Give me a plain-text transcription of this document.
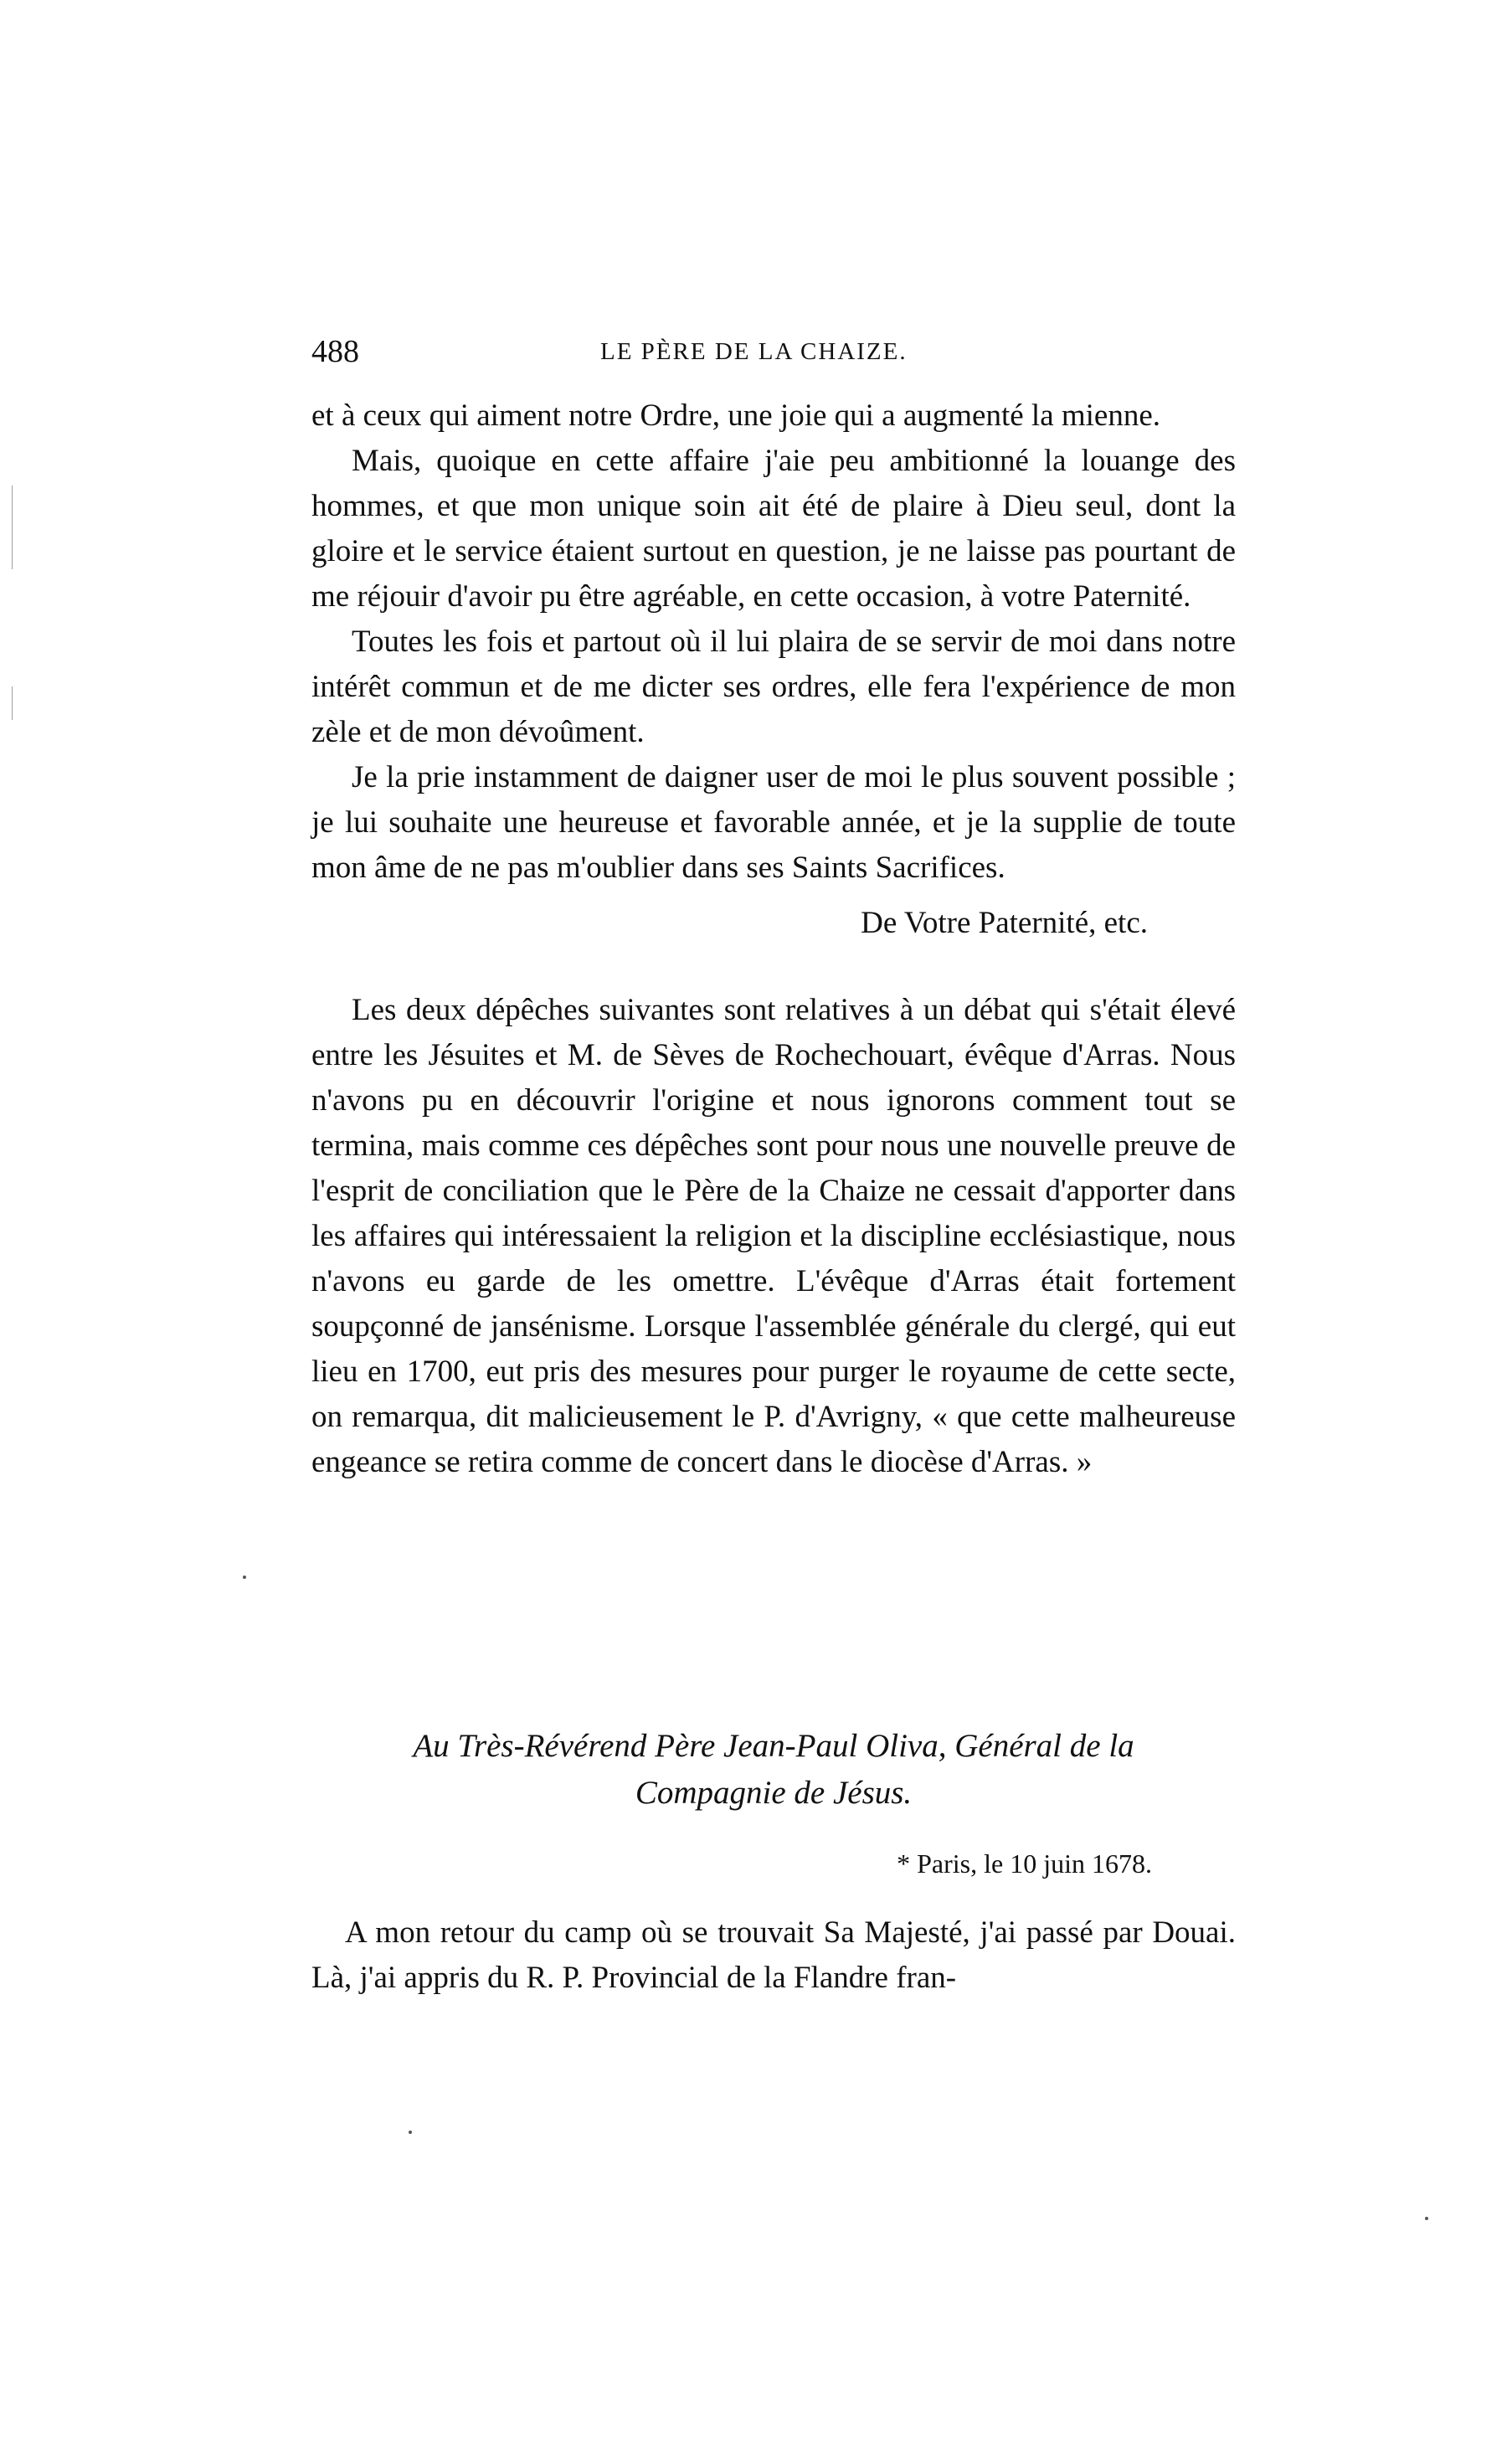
488	LE PÈRE DE LA CHAIZE.

et à ceux qui aiment notre Ordre, une joie qui a augmenté la mienne.

Mais, quoique en cette affaire j'aie peu ambitionné la louange des hommes, et que mon unique soin ait été de plaire à Dieu seul, dont la gloire et le service étaient surtout en question, je ne laisse pas pourtant de me réjouir d'avoir pu être agréable, en cette occasion, à votre Paternité.

Toutes les fois et partout où il lui plaira de se servir de moi dans notre intérêt commun et de me dicter ses ordres, elle fera l'expérience de mon zèle et de mon dévoûment.

Je la prie instamment de daigner user de moi le plus souvent possible ; je lui souhaite une heureuse et favorable année, et je la supplie de toute mon âme de ne pas m'oublier dans ses Saints Sacrifices.

De Votre Paternité, etc.

Les deux dépêches suivantes sont relatives à un débat qui s'était élevé entre les Jésuites et M. de Sèves de Rochechouart, évêque d'Arras. Nous n'avons pu en découvrir l'origine et nous ignorons comment tout se termina, mais comme ces dépêches sont pour nous une nouvelle preuve de l'esprit de conciliation que le Père de la Chaize ne cessait d'apporter dans les affaires qui intéressaient la religion et la discipline ecclésiastique, nous n'avons eu garde de les omettre. L'évêque d'Arras était fortement soupçonné de jansénisme. Lorsque l'assemblée générale du clergé, qui eut lieu en 1700, eut pris des mesures pour purger le royaume de cette secte, on remarqua, dit malicieusement le P. d'Avrigny, « que cette malheureuse engeance se retira comme de concert dans le diocèse d'Arras. »

Au Très-Révérend Père Jean-Paul Oliva, Général de la
Compagnie de Jésus.
* Paris, le 10 juin 1678.

A mon retour du camp où se trouvait Sa Majesté, j'ai passé par Douai. Là, j'ai appris du R. P. Provincial de la Flandre fran-
